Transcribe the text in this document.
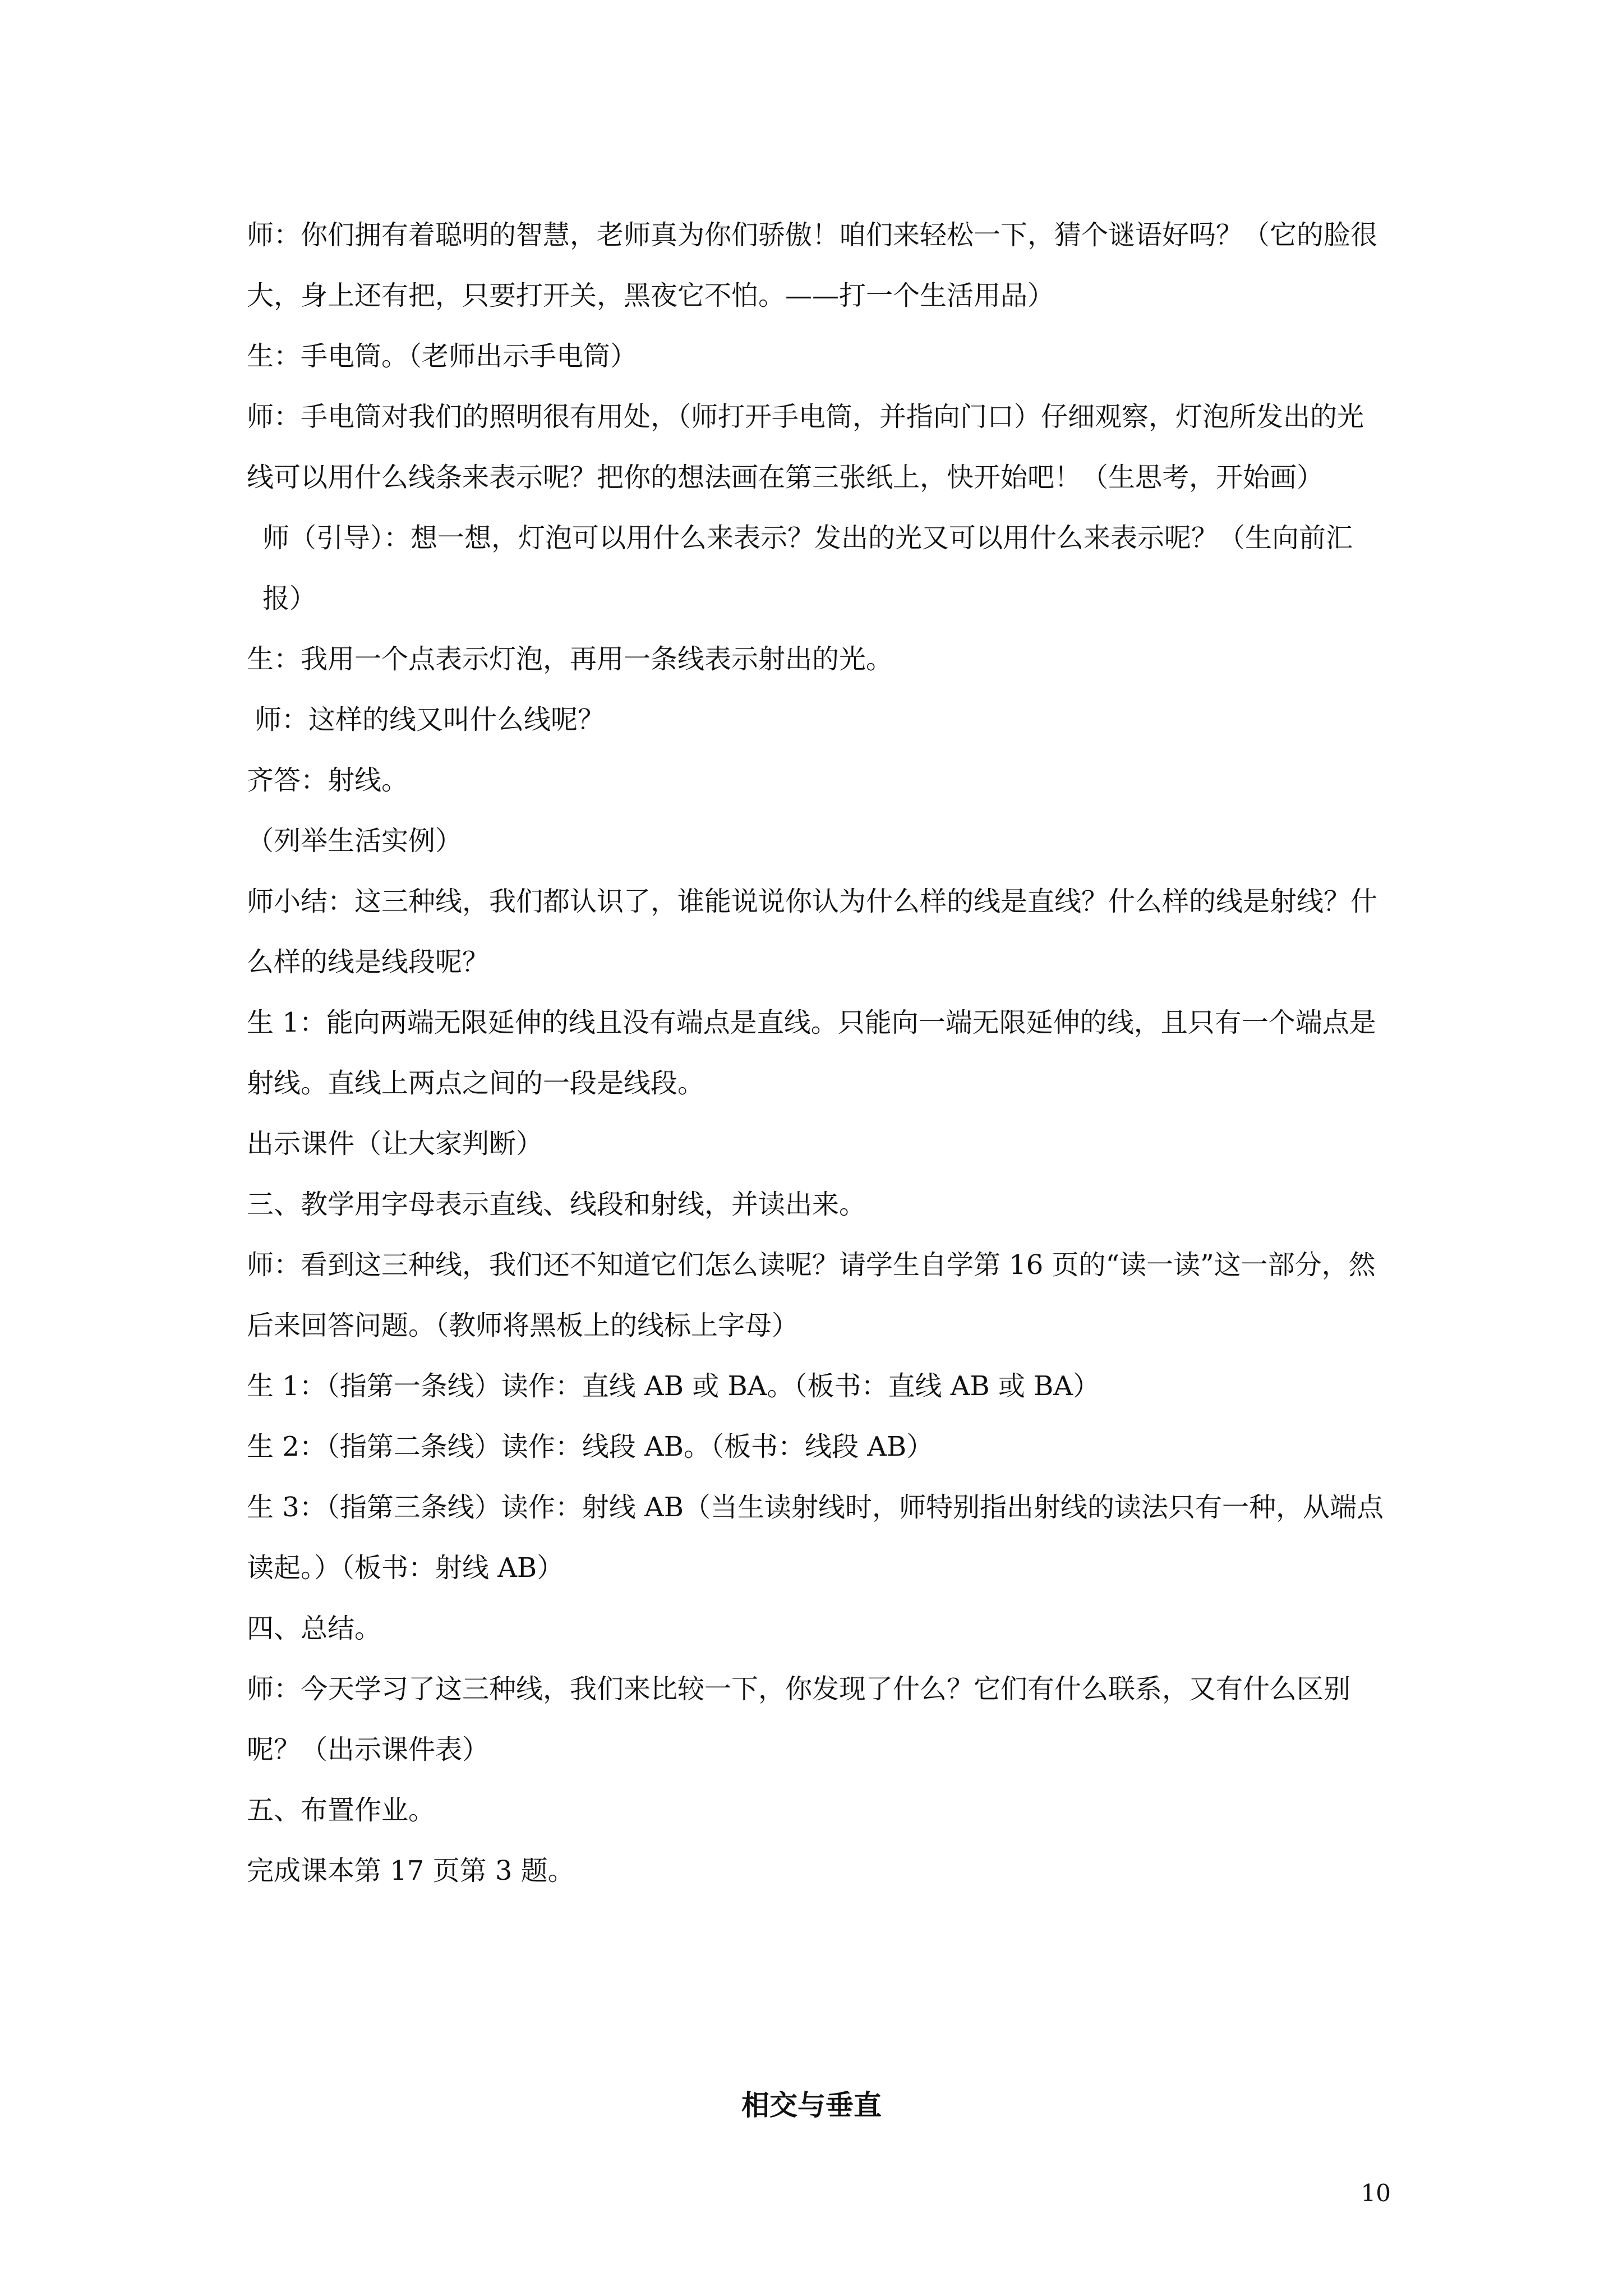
师：你们拥有着聪明的智慧，老师真为你们骄傲！咱们来轻松一下，猜个谜语好吗？（它的脸很大，身上还有把，只要打开关，黑夜它不怕。——打一个生活用品）

生：手电筒。（老师出示手电筒）

师：手电筒对我们的照明很有用处，（师打开手电筒，并指向门口）仔细观察，灯泡所发出的光线可以用什么线条来表示呢？把你的想法画在第三张纸上，快开始吧！（生思考，开始画）

师（引导）：想一想，灯泡可以用什么来表示？发出的光又可以用什么来表示呢？（生向前汇报）

生：我用一个点表示灯泡，再用一条线表示射出的光。

师：这样的线又叫什么线呢？

齐答：射线。

（列举生活实例）

师小结：这三种线，我们都认识了，谁能说说你认为什么样的线是直线？什么样的线是射线？什么样的线是线段呢？

生 1：能向两端无限延伸的线且没有端点是直线。只能向一端无限延伸的线，且只有一个端点是射线。直线上两点之间的一段是线段。

出示课件（让大家判断）

三、教学用字母表示直线、线段和射线，并读出来。

师：看到这三种线，我们还不知道它们怎么读呢？请学生自学第 16 页的“读一读”这一部分，然后来回答问题。（教师将黑板上的线标上字母）

生 1：（指第一条线）读作：直线 AB 或 BA。（板书：直线 AB 或 BA）

生 2：（指第二条线）读作：线段 AB。（板书：线段 AB）

生 3：（指第三条线）读作：射线 AB（当生读射线时，师特别指出射线的读法只有一种，从端点读起。）（板书：射线 AB）

四、总结。

师：今天学习了这三种线，我们来比较一下，你发现了什么？它们有什么联系，又有什么区别呢？（出示课件表）

五、布置作业。

完成课本第 17 页第 3 题。

相交与垂直

10
